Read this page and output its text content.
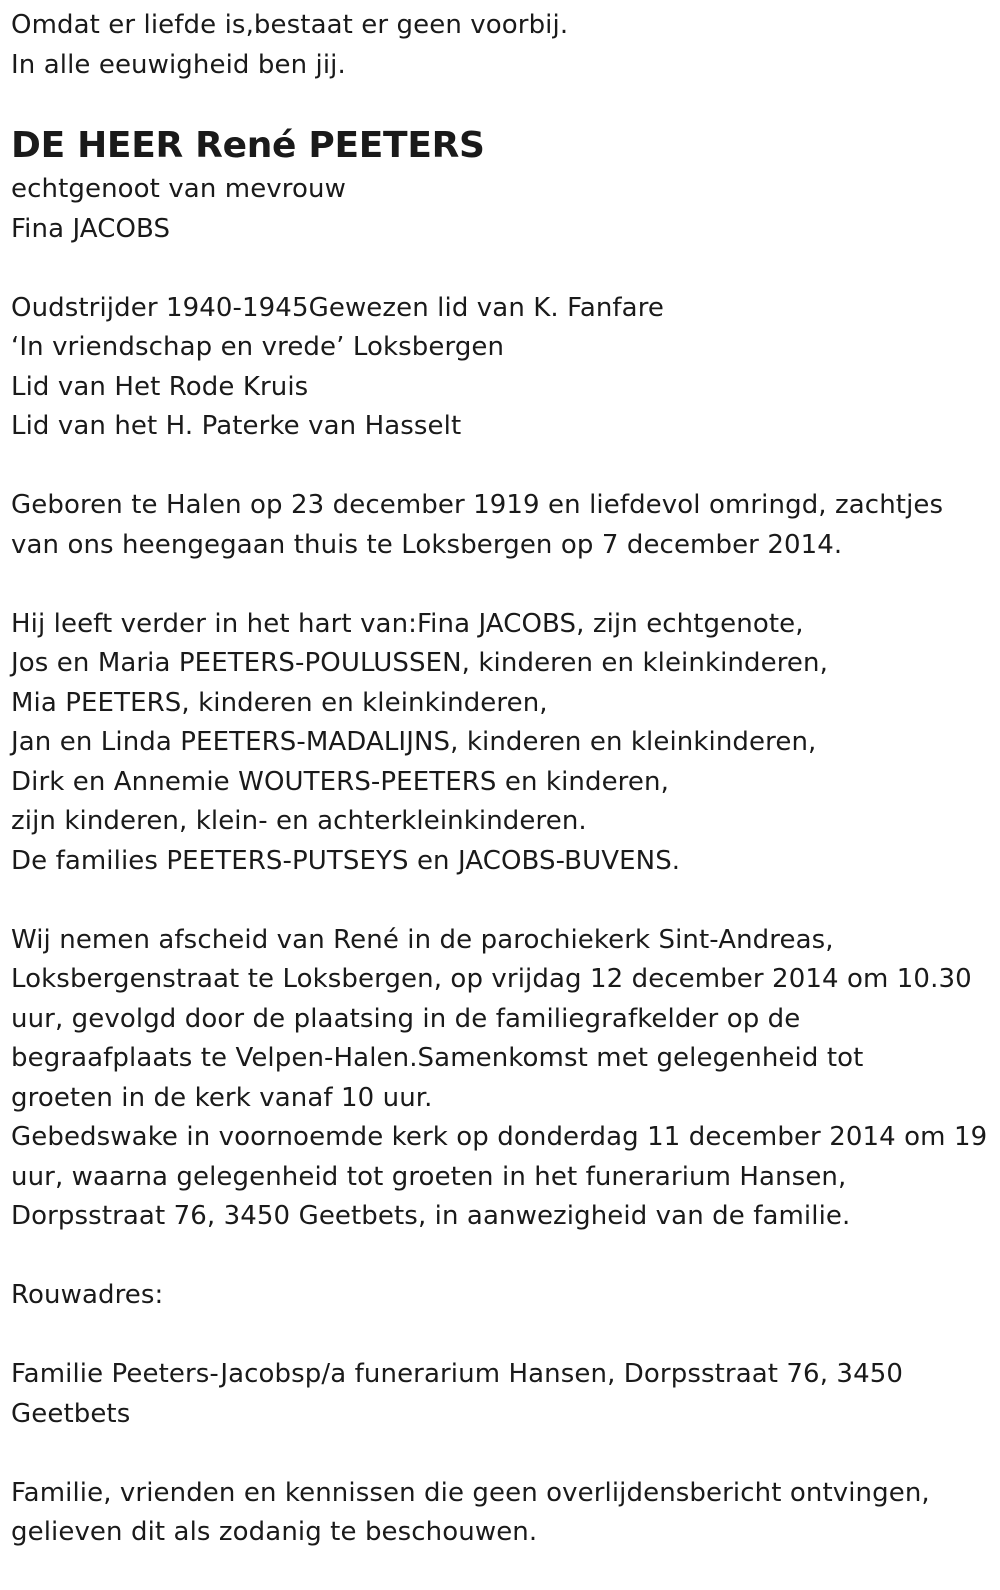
Omdat er liefde is,bestaat er geen voorbij.
In alle eeuwigheid ben jij.
DE HEER René PEETERS
echtgenoot van mevrouw
Fina JACOBS
Oudstrijder 1940-1945Gewezen lid van K. Fanfare
‘In vriendschap en vrede’ Loksbergen
Lid van Het Rode Kruis
Lid van het H. Paterke van Hasselt
Geboren te Halen op 23 december 1919 en liefdevol omringd, zachtjes
van ons heengegaan thuis te Loksbergen op 7 december 2014.
Hij leeft verder in het hart van:Fina JACOBS, zijn echtgenote,
Jos en Maria PEETERS-POULUSSEN, kinderen en kleinkinderen,
Mia PEETERS, kinderen en kleinkinderen,
Jan en Linda PEETERS-MADALIJNS, kinderen en kleinkinderen,
Dirk en Annemie WOUTERS-PEETERS en kinderen,
zijn kinderen, klein- en achterkleinkinderen.
De families PEETERS-PUTSEYS en JACOBS-BUVENS.
Wij nemen afscheid van René in de parochiekerk Sint-Andreas,
Loksbergenstraat te Loksbergen, op vrijdag 12 december 2014 om 10.30
uur, gevolgd door de plaatsing in de familiegrafkelder op de
begraafplaats te Velpen-Halen.Samenkomst met gelegenheid tot
groeten in de kerk vanaf 10 uur.
Gebedswake in voornoemde kerk op donderdag 11 december 2014 om 19
uur, waarna gelegenheid tot groeten in het funerarium Hansen,
Dorpsstraat 76, 3450 Geetbets, in aanwezigheid van de familie.
Rouwadres:
Familie Peeters-Jacobsp/a funerarium Hansen, Dorpsstraat 76, 3450
Geetbets
Familie, vrienden en kennissen die geen overlijdensbericht ontvingen,
gelieven dit als zodanig te beschouwen.
